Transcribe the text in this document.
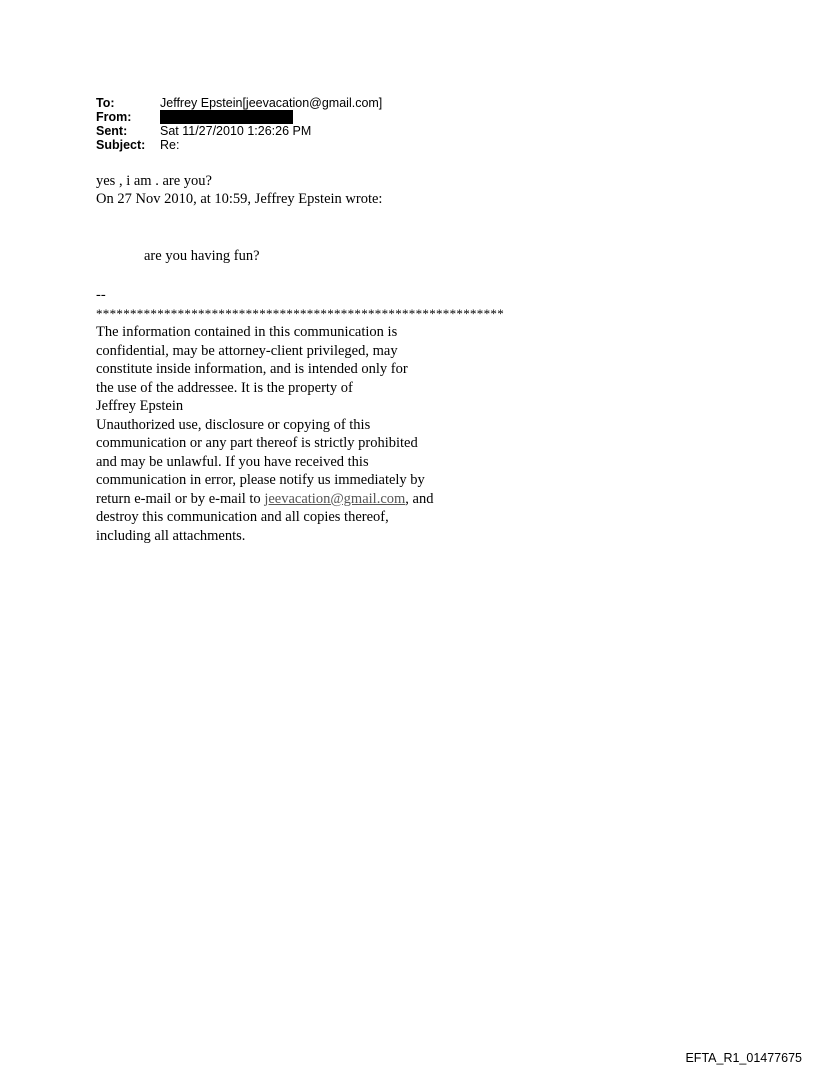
To:	Jeffrey Epstein[jeevacation@gmail.com]
From:
Sent:	Sat 11/27/2010 1:26:26 PM
Subject:	Re:
yes , i am . are you?
On 27 Nov 2010, at 10:59, Jeffrey Epstein wrote:
are you having fun?
--
************************************************************
The information contained in this communication is
confidential, may be attorney-client privileged, may
constitute inside information, and is intended only for
the use of the addressee. It is the property of
Jeffrey Epstein
Unauthorized use, disclosure or copying of this
communication or any part thereof is strictly prohibited
and may be unlawful. If you have received this
communication in error, please notify us immediately by
return e-mail or by e-mail to jeevacation@gmail.com, and
destroy this communication and all copies thereof,
including all attachments.
EFTA_R1_01477675
